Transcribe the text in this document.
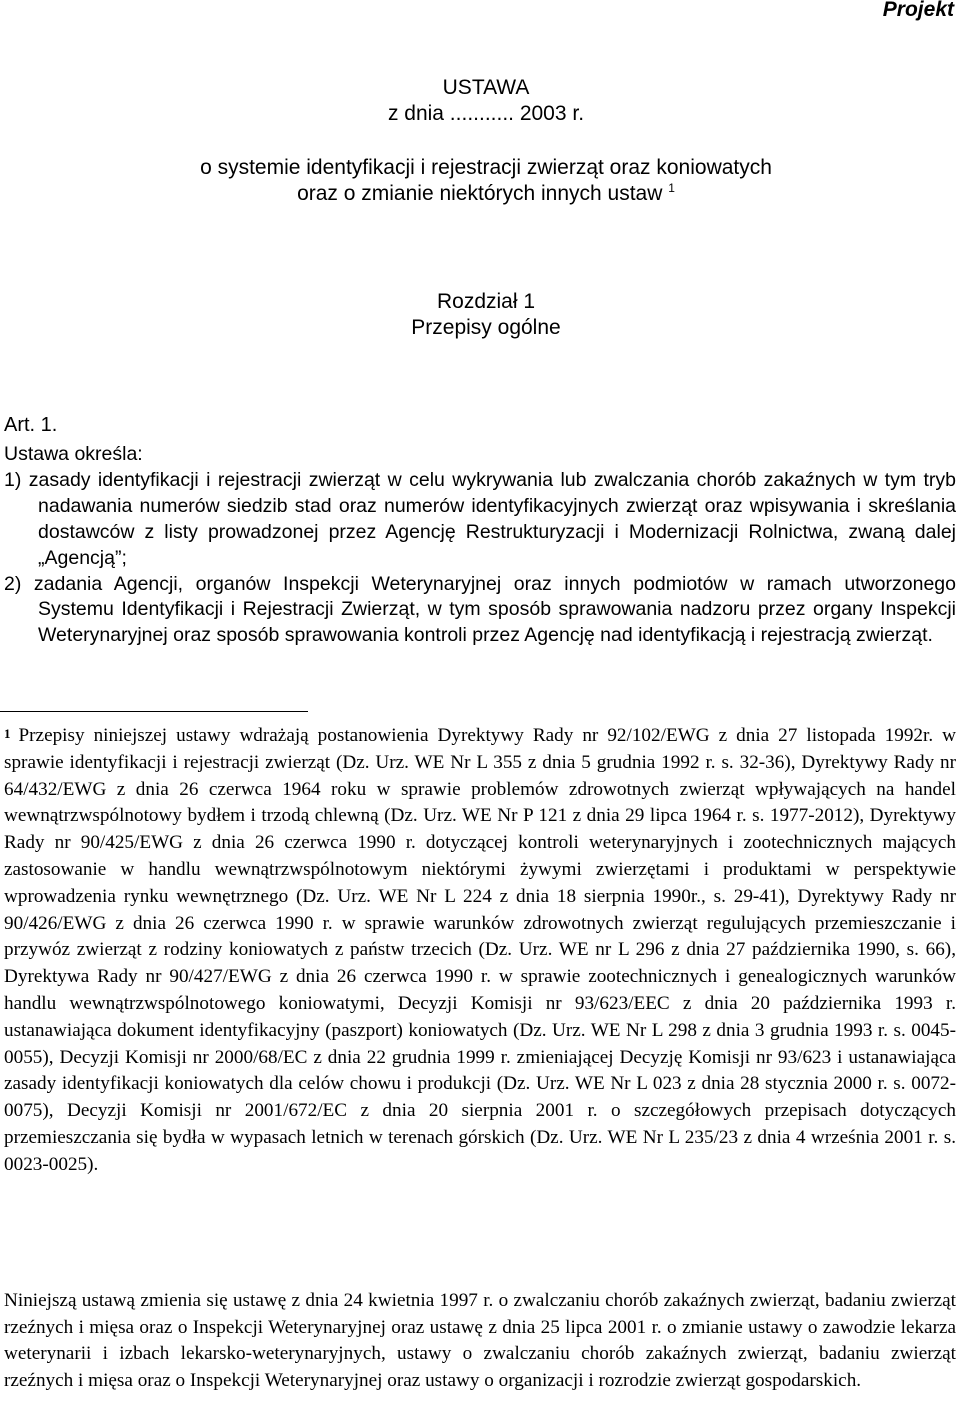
Projekt
USTAWA
z dnia ........... 2003 r.
o systemie identyfikacji i rejestracji zwierząt oraz koniowatych
oraz o zmianie niektórych innych ustaw $^1$
Rozdział 1
Przepisy ogólne
Art. 1.
Ustawa określa:
1) zasady identyfikacji i rejestracji zwierząt w celu wykrywania lub zwalczania chorób zakaźnych w tym tryb nadawania numerów siedzib stad oraz numerów identyfikacyjnych zwierząt oraz wpisywania i skreślania dostawców z listy prowadzonej przez Agencję Restrukturyzacji i Modernizacji Rolnictwa, zwaną dalej „Agencją”;
2) zadania Agencji, organów Inspekcji Weterynaryjnej oraz innych podmiotów w ramach utworzonego Systemu Identyfikacji i Rejestracji Zwierząt, w tym sposób sprawowania nadzoru przez organy Inspekcji Weterynaryjnej oraz sposób sprawowania kontroli przez Agencję nad identyfikacją i rejestracją zwierząt.
$^1$ Przepisy niniejszej ustawy wdrażają postanowienia Dyrektywy Rady nr 92/102/EWG z dnia 27 listopada 1992r. w sprawie identyfikacji i rejestracji zwierząt (Dz. Urz. WE Nr L 355 z dnia 5 grudnia 1992 r. s. 32-36), Dyrektywy Rady nr 64/432/EWG z dnia 26 czerwca 1964 roku w sprawie problemów zdrowotnych zwierząt wpływających na handel wewnątrzwspólnotowy bydłem i trzodą chlewną (Dz. Urz. WE Nr P 121 z dnia 29 lipca 1964 r. s. 1977-2012), Dyrektywy Rady nr 90/425/EWG z dnia 26 czerwca 1990 r. dotyczącej kontroli weterynaryjnych i zootechnicznych mających zastosowanie w handlu wewnątrzwspólnotowym niektórymi żywymi zwierzętami i produktami w perspektywie wprowadzenia rynku wewnętrznego (Dz. Urz. WE Nr L 224 z dnia 18 sierpnia 1990r., s. 29-41), Dyrektywy Rady nr 90/426/EWG z dnia 26 czerwca 1990 r. w sprawie warunków zdrowotnych zwierząt regulujących przemieszczanie i przywóz zwierząt z rodziny koniowatych z państw trzecich (Dz. Urz. WE nr L 296 z dnia 27 października 1990, s. 66), Dyrektywa Rady nr 90/427/EWG z dnia 26 czerwca 1990 r. w sprawie zootechnicznych i genealogicznych warunków handlu wewnątrzwspólnotowego koniowatymi, Decyzji Komisji nr 93/623/EEC z dnia 20 października 1993 r. ustanawiająca dokument identyfikacyjny (paszport) koniowatych (Dz. Urz. WE Nr L 298 z dnia 3 grudnia 1993 r. s. 0045-0055), Decyzji Komisji nr 2000/68/EC z dnia 22 grudnia 1999 r. zmieniającej Decyzję Komisji nr 93/623 i ustanawiająca zasady identyfikacji koniowatych dla celów chowu i produkcji (Dz. Urz. WE Nr L 023 z dnia 28 stycznia 2000 r. s. 0072-0075), Decyzji Komisji nr 2001/672/EC z dnia 20 sierpnia 2001 r. o szczegółowych przepisach dotyczących przemieszczania się bydła w wypasach letnich w terenach górskich (Dz. Urz. WE Nr L 235/23 z dnia 4 września 2001 r. s. 0023-0025).
Niniejszą ustawą zmienia się ustawę z dnia 24 kwietnia 1997 r. o zwalczaniu chorób zakaźnych zwierząt, badaniu zwierząt rzeźnych i mięsa oraz o Inspekcji Weterynaryjnej oraz ustawę z dnia 25 lipca 2001 r. o zmianie ustawy o zawodzie lekarza weterynarii i izbach lekarsko-weterynaryjnych, ustawy o zwalczaniu chorób zakaźnych zwierząt, badaniu zwierząt rzeźnych i mięsa oraz o Inspekcji Weterynaryjnej oraz ustawy o organizacji i rozrodzie zwierząt gospodarskich.
